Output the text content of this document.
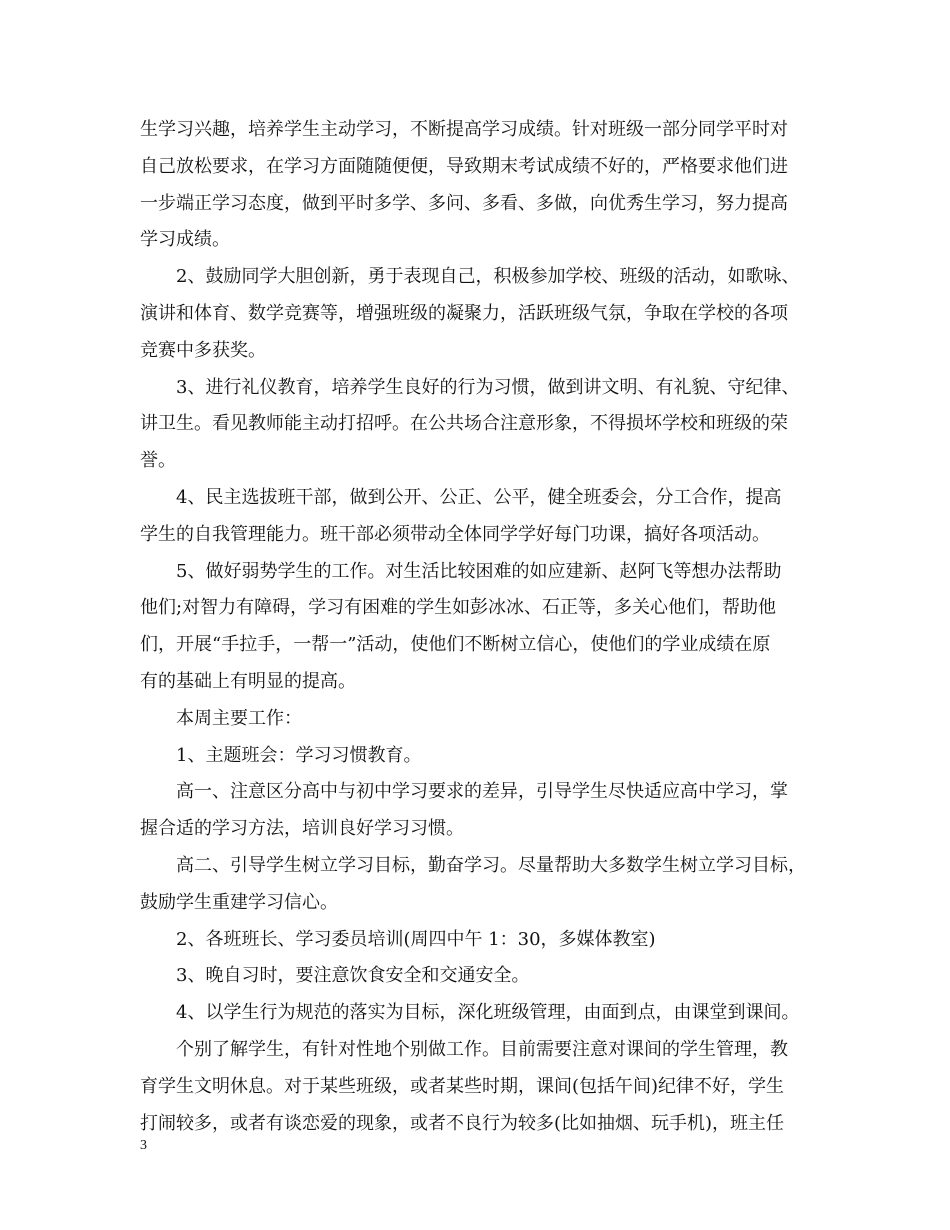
生学习兴趣，培养学生主动学习，不断提高学习成绩。针对班级一部分同学平时对
自己放松要求，在学习方面随随便便，导致期末考试成绩不好的，严格要求他们进
一步端正学习态度，做到平时多学、多问、多看、多做，向优秀生学习，努力提高
学习成绩。
2、鼓励同学大胆创新，勇于表现自己，积极参加学校、班级的活动，如歌咏、
演讲和体育、数学竞赛等，增强班级的凝聚力，活跃班级气氛，争取在学校的各项
竞赛中多获奖。
3、进行礼仪教育，培养学生良好的行为习惯，做到讲文明、有礼貌、守纪律、
讲卫生。看见教师能主动打招呼。在公共场合注意形象，不得损坏学校和班级的荣
誉。
4、民主选拔班干部，做到公开、公正、公平，健全班委会，分工合作，提高
学生的自我管理能力。班干部必须带动全体同学学好每门功课，搞好各项活动。
5、做好弱势学生的工作。对生活比较困难的如应建新、赵阿飞等想办法帮助
他们;对智力有障碍，学习有困难的学生如彭冰冰、石正等，多关心他们，帮助他
们，开展“手拉手，一帮一”活动，使他们不断树立信心，使他们的学业成绩在原
有的基础上有明显的提高。
本周主要工作：
1、主题班会：学习习惯教育。
高一、注意区分高中与初中学习要求的差异，引导学生尽快适应高中学习，掌
握合适的学习方法，培训良好学习习惯。
高二、引导学生树立学习目标，勤奋学习。尽量帮助大多数学生树立学习目标，
鼓励学生重建学习信心。
2、各班班长、学习委员培训(周四中午 1：30，多媒体教室)
3、晚自习时，要注意饮食安全和交通安全。
4、以学生行为规范的落实为目标，深化班级管理，由面到点，由课堂到课间。
个别了解学生，有针对性地个别做工作。目前需要注意对课间的学生管理，教
育学生文明休息。对于某些班级，或者某些时期，课间(包括午间)纪律不好，学生
打闹较多，或者有谈恋爱的现象，或者不良行为较多(比如抽烟、玩手机)，班主任
3
